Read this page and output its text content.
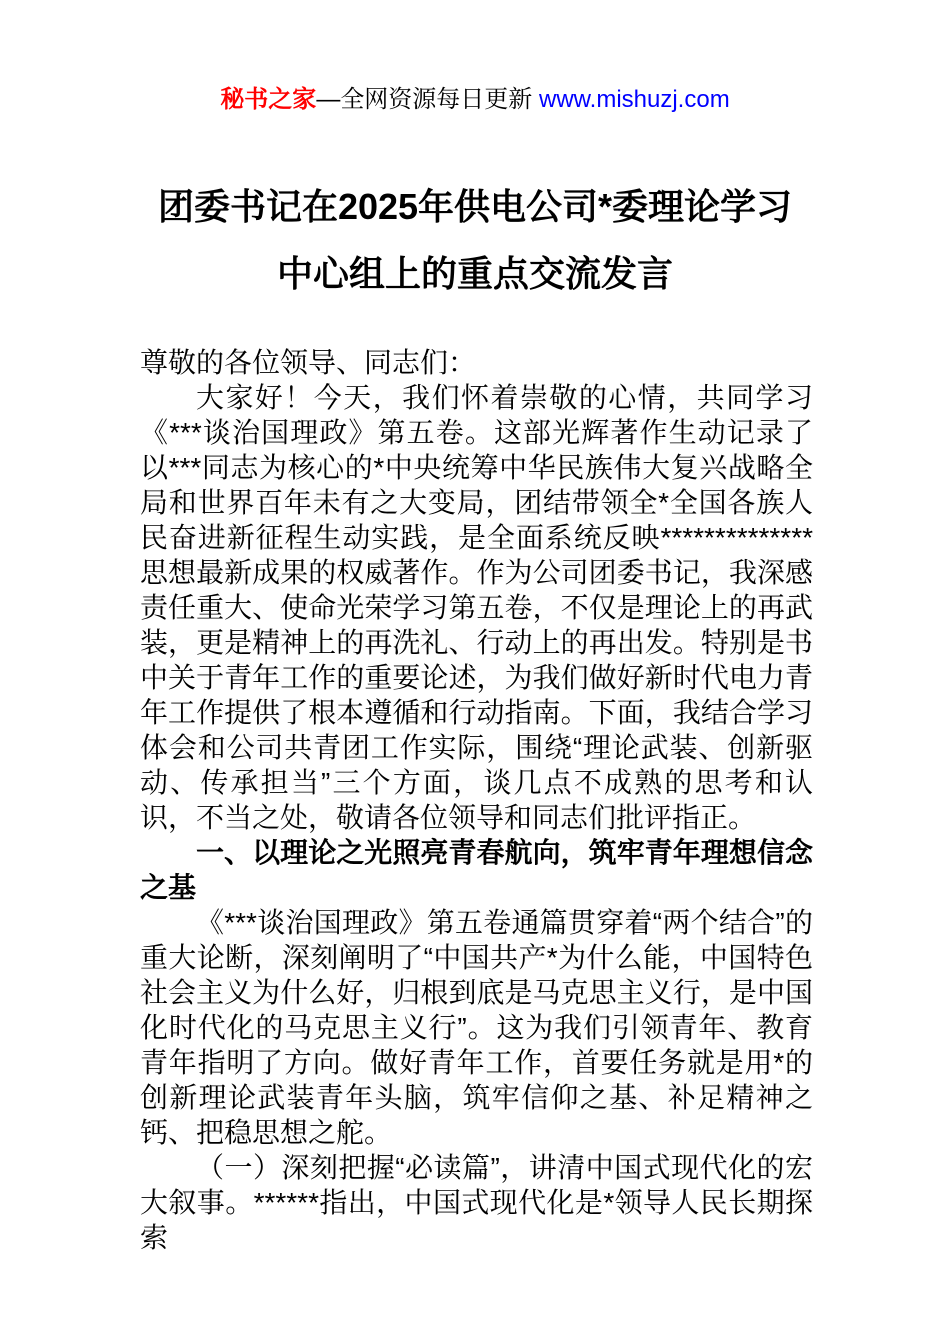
秘书之家—全网资源每日更新 www.mishuzj.com
团委书记在2025年供电公司*委理论学习
中心组上的重点交流发言

尊敬的各位领导、同志们：

大家好！今天，我们怀着崇敬的心情，共同学习《***谈治国理政》第五卷。这部光辉著作生动记录了以***同志为核心的*中央统筹中华民族伟大复兴战略全局和世界百年未有之大变局，团结带领全*全国各族人民奋进新征程生动实践，是全面系统反映**************思想最新成果的权威著作。作为公司团委书记，我深感责任重大、使命光荣学习第五卷，不仅是理论上的再武装，更是精神上的再洗礼、行动上的再出发。特别是书中关于青年工作的重要论述，为我们做好新时代电力青年工作提供了根本遵循和行动指南。下面，我结合学习体会和公司共青团工作实际，围绕“理论武装、创新驱动、传承担当”三个方面，谈几点不成熟的思考和认识，不当之处，敬请各位领导和同志们批评指正。

一、以理论之光照亮青春航向，筑牢青年理想信念之基

《***谈治国理政》第五卷通篇贯穿着“两个结合”的重大论断，深刻阐明了“中国共产*为什么能，中国特色社会主义为什么好，归根到底是马克思主义行，是中国化时代化的马克思主义行”。这为我们引领青年、教育青年指明了方向。做好青年工作，首要任务就是用*的创新理论武装青年头脑，筑牢信仰之基、补足精神之钙、把稳思想之舵。

（一）深刻把握“必读篇”，讲清中国式现代化的宏大叙事。******指出，中国式现代化是*领导人民长期探索
